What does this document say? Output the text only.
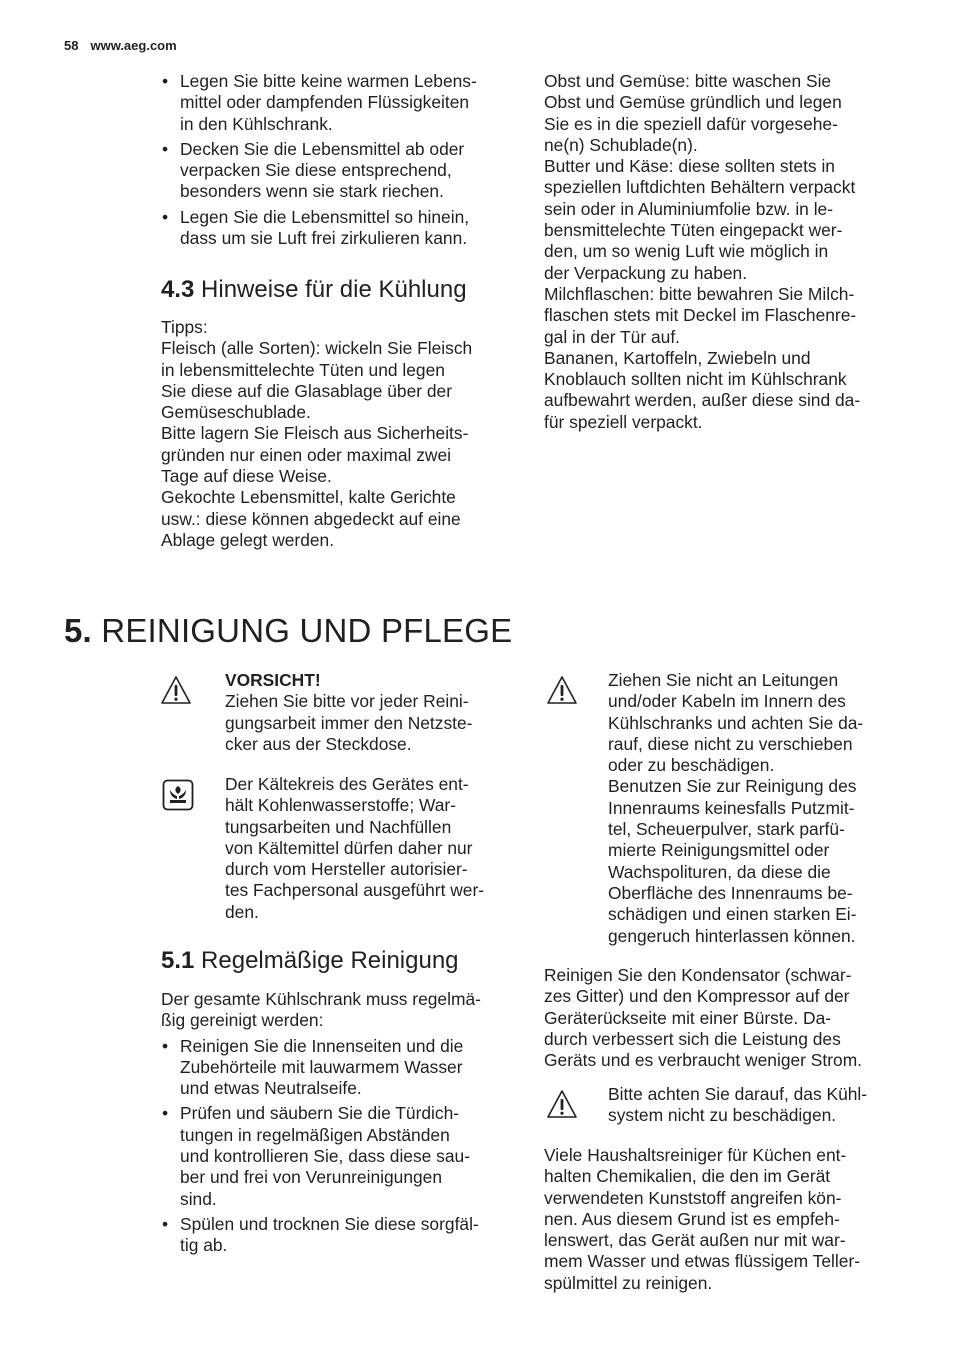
58 www.aeg.com
• Legen Sie bitte keine warmen Lebens-
mittel oder dampfenden Flüssigkeiten
in den Kühlschrank.
• Decken Sie die Lebensmittel ab oder
verpacken Sie diese entsprechend,
besonders wenn sie stark riechen.
• Legen Sie die Lebensmittel so hinein,
dass um sie Luft frei zirkulieren kann.
4.3 Hinweise für die Kühlung
Tipps:
Fleisch (alle Sorten): wickeln Sie Fleisch
in lebensmittelechte Tüten und legen
Sie diese auf die Glasablage über der
Gemüseschublade.
Bitte lagern Sie Fleisch aus Sicherheits-
gründen nur einen oder maximal zwei
Tage auf diese Weise.
Gekochte Lebensmittel, kalte Gerichte
usw.: diese können abgedeckt auf eine
Ablage gelegt werden.
Obst und Gemüse: bitte waschen Sie
Obst und Gemüse gründlich und legen
Sie es in die speziell dafür vorgesehe-
ne(n) Schublade(n).
Butter und Käse: diese sollten stets in
speziellen luftdichten Behältern verpackt
sein oder in Aluminiumfolie bzw. in le-
bensmittelechte Tüten eingepackt wer-
den, um so wenig Luft wie möglich in
der Verpackung zu haben.
Milchflaschen: bitte bewahren Sie Milch-
flaschen stets mit Deckel im Flaschenre-
gal in der Tür auf.
Bananen, Kartoffeln, Zwiebeln und
Knoblauch sollten nicht im Kühlschrank
aufbewahrt werden, außer diese sind da-
für speziell verpackt.
5. REINIGUNG UND PFLEGE
VORSICHT!
Ziehen Sie bitte vor jeder Reini-
gungsarbeit immer den Netzste-
cker aus der Steckdose.
Der Kältekreis des Gerätes ent-
hält Kohlenwasserstoffe; War-
tungsarbeiten und Nachfüllen
von Kältemittel dürfen daher nur
durch vom Hersteller autorisier-
tes Fachpersonal ausgeführt wer-
den.
5.1 Regelmäßige Reinigung
Der gesamte Kühlschrank muss regelmä-
ßig gereinigt werden:
• Reinigen Sie die Innenseiten und die
Zubehörteile mit lauwarmem Wasser
und etwas Neutralseife.
• Prüfen und säubern Sie die Türdich-
tungen in regelmäßigen Abständen
und kontrollieren Sie, dass diese sau-
ber und frei von Verunreinigungen
sind.
• Spülen und trocknen Sie diese sorgfäl-
tig ab.
Ziehen Sie nicht an Leitungen
und/oder Kabeln im Innern des
Kühlschranks und achten Sie da-
rauf, diese nicht zu verschieben
oder zu beschädigen.
Benutzen Sie zur Reinigung des
Innenraums keinesfalls Putzmit-
tel, Scheuerpulver, stark parfü-
mierte Reinigungsmittel oder
Wachspolituren, da diese die
Oberfläche des Innenraums be-
schädigen und einen starken Ei-
gengeruch hinterlassen können.
Reinigen Sie den Kondensator (schwar-
zes Gitter) und den Kompressor auf der
Geräterückseite mit einer Bürste. Da-
durch verbessert sich die Leistung des
Geräts und es verbraucht weniger Strom.
Bitte achten Sie darauf, das Kühl-
system nicht zu beschädigen.
Viele Haushaltsreiniger für Küchen ent-
halten Chemikalien, die den im Gerät
verwendeten Kunststoff angreifen kön-
nen. Aus diesem Grund ist es empfeh-
lenswert, das Gerät außen nur mit war-
mem Wasser und etwas flüssigem Teller-
spülmittel zu reinigen.
